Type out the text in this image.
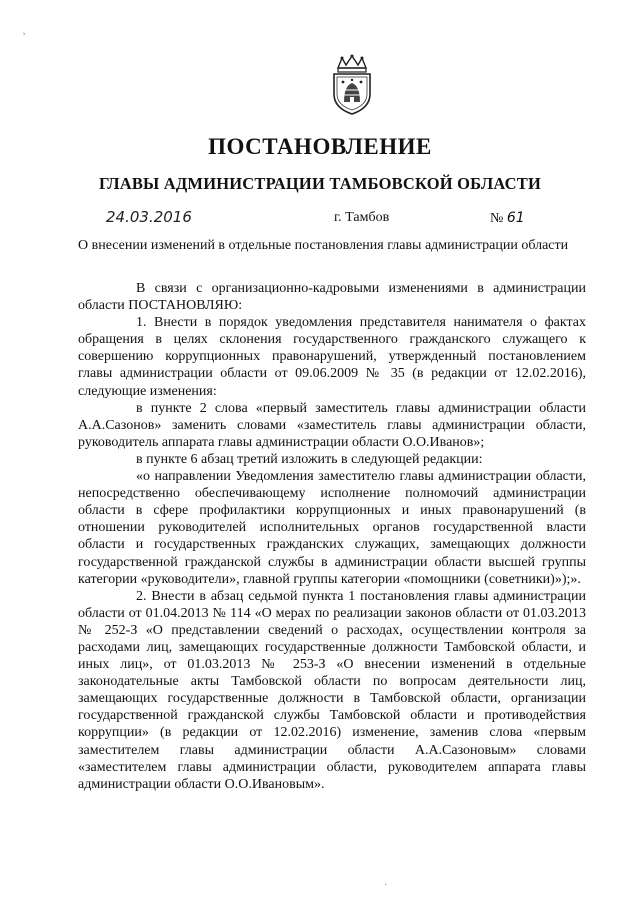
ʾ
ПОСТАНОВЛЕНИЕ
ГЛАВЫ АДМИНИСТРАЦИИ ТАМБОВСКОЙ ОБЛАСТИ
24.03.2016	г. Тамбов	№ 61
О внесении изменений в отдельные постановления главы администрации области

В связи с организационно-кадровыми изменениями в администрации области ПОСТАНОВЛЯЮ:

1. Внести в порядок уведомления представителя нанимателя о фактах обращения в целях склонения государственного гражданского служащего к совершению коррупционных правонарушений, утвержденный постановлением главы администрации области от 09.06.2009 № 35 (в редакции от 12.02.2016), следующие изменения:

в пункте 2 слова «первый заместитель главы администрации области А.А.Сазонов» заменить словами «заместитель главы администрации области, руководитель аппарата главы администрации области О.О.Иванов»;

в пункте 6 абзац третий изложить в следующей редакции:

«о направлении Уведомления заместителю главы администрации области, непосредственно обеспечивающему исполнение полномочий администрации области в сфере профилактики коррупционных и иных правонарушений (в отношении руководителей исполнительных органов государственной власти области и государственных гражданских служащих, замещающих должности государственной гражданской службы в администрации области высшей группы категории «руководители», главной группы категории «помощники (советники)»);».

2. Внести в абзац седьмой пункта 1 постановления главы администрации области от 01.04.2013 № 114 «О мерах по реализации законов области от 01.03.2013 № 252-З «О представлении сведений о расходах, осуществлении контроля за расходами лиц, замещающих государственные должности Тамбовской области, и иных лиц», от 01.03.2013 № 253-З «О внесении изменений в отдельные законодательные акты Тамбовской области по вопросам деятельности лиц, замещающих государственные должности в Тамбовской области, организации государственной гражданской службы Тамбовской области и противодействия коррупции» (в редакции от 12.02.2016) изменение, заменив слова «первым заместителем главы администрации области А.А.Сазоновым» словами «заместителем главы администрации области, руководителем аппарата главы администрации области О.О.Ивановым».

·
